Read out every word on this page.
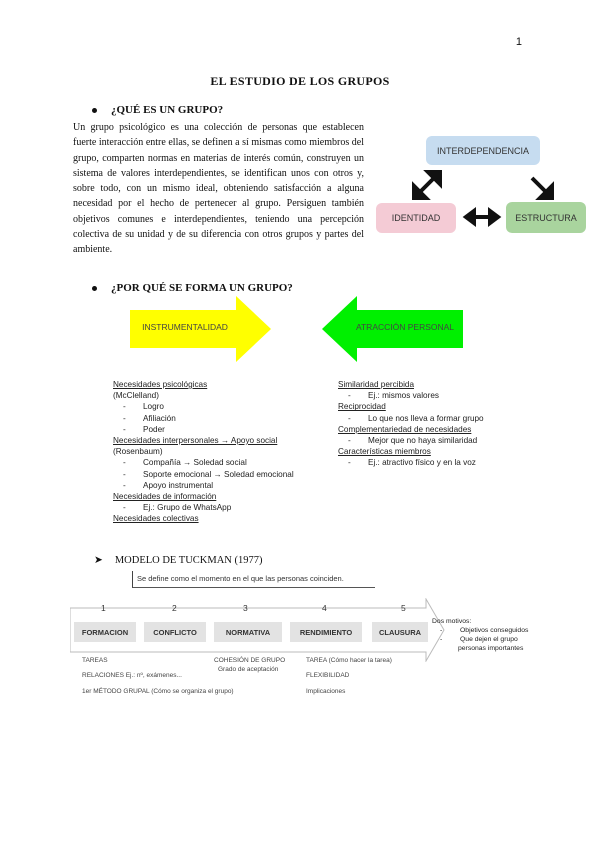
1
EL ESTUDIO DE LOS GRUPOS
¿QUÉ ES UN GRUPO?
Un grupo psicológico es una colección de personas que establecen fuerte interacción entre ellas, se definen a sí mismas como miembros del grupo, comparten normas en materias de interés común, construyen un sistema de valores interdependientes, se identifican unos con otros y, sobre todo, con un mismo ideal, obteniendo satisfacción a alguna necesidad por el hecho de pertenecer al grupo. Persiguen también objetivos comunes e interdependientes, teniendo una percepción colectiva de su unidad y de su diferencia con otros grupos y partes del ambiente.
INTERDEPENDENCIA
IDENTIDAD	ESTRUCTURA
¿POR QUÉ SE FORMA UN GRUPO?
INSTRUMENTALIDAD	ATRACCIÓN PERSONAL
Necesidades psicológicas
(McClelland)
- Logro
- Afiliación
- Poder
Necesidades interpersonales → Apoyo social
(Rosenbaum)
- Compañía → Soledad social
- Soporte emocional → Soledad emocional
- Apoyo instrumental
Necesidades de información
- Ej.: Grupo de WhatsApp
Necesidades colectivas
Similaridad percibida
- Ej.: mismos valores
Reciprocidad
- Lo que nos lleva a formar grupo
Complementariedad de necesidades
- Mejor que no haya similaridad
Características miembros
- Ej.: atractivo físico y en la voz
➤ MODELO DE TUCKMAN (1977)
Se define como el momento en el que las personas coinciden.
1	2	3	4	5
FORMACION	CONFLICTO	NORMATIVA	RENDIMIENTO	CLAUSURA
Dos motivos:
- Objetivos conseguidos
- Que dejen el grupo personas importantes
TAREAS
RELACIONES Ej.: nº, exámenes...
1er MÉTODO GRUPAL (Cómo se organiza el grupo)
COHESIÓN DE GRUPO
Grado de aceptación
TAREA (Cómo hacer la tarea)
FLEXIBILIDAD
Implicaciones
